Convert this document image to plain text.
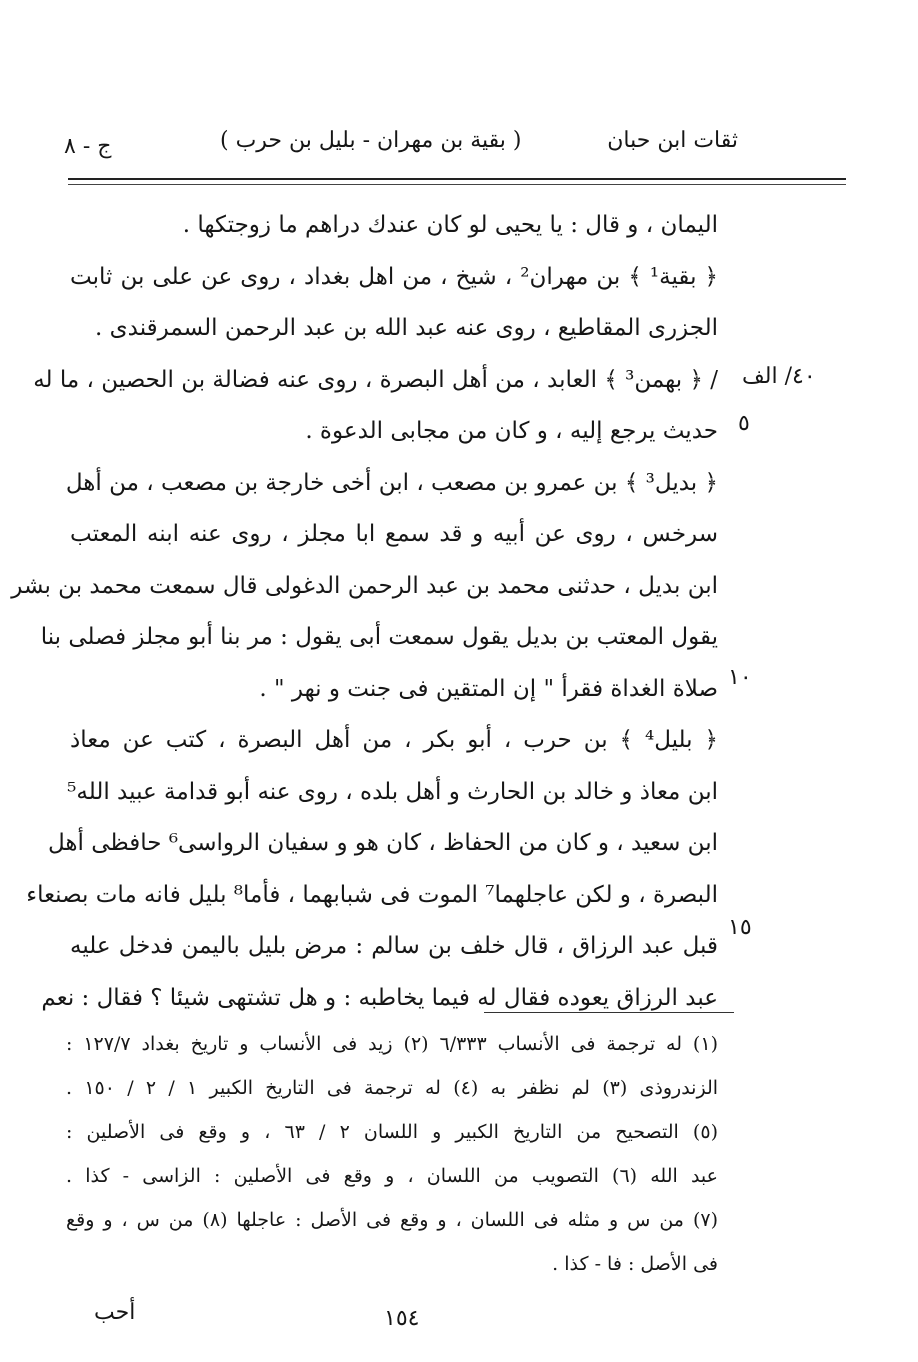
ثقات ابن حبان
( بقية بن مهران - بليل بن حرب )
ج - ٨
٤٠/ الف
٥
١٠
١٥
اليمان ، و قال : يا يحيى لو كان عندك دراهم ما زوجتكها .
﴿ بقية¹ ﴾ بن مهران² ، شيخ ، من اهل بغداد ، روى عن على بن ثابت
الجزرى المقاطيع ، روى عنه عبد الله بن عبد الرحمن السمرقندى .
/ ﴿ بهمن³ ﴾ العابد ، من أهل البصرة ، روى عنه فضالة بن الحصين ، ما له
حديث يرجع إليه ، و كان من مجابى الدعوة .
﴿ بديل³ ﴾ بن عمرو بن مصعب ، ابن أخى خارجة بن مصعب ، من أهل
سرخس ، روى عن أبيه و قد سمع ابا مجلز ، روى عنه ابنه المعتب
ابن بديل ، حدثنى محمد بن عبد الرحمن الدغولى قال سمعت محمد بن بشر
يقول المعتب بن بديل يقول سمعت أبى يقول : مر بنا أبو مجلز فصلى بنا
صلاة الغداة فقرأ " إن المتقين فى جنت و نهر " .
﴿ بليل⁴ ﴾ بن حرب ، أبو بكر ، من أهل البصرة ، كتب عن معاذ
ابن معاذ و خالد بن الحارث و أهل بلده ، روى عنه أبو قدامة عبيد الله⁵
ابن سعيد ، و كان من الحفاظ ، كان هو و سفيان الرواسى⁶ حافظى أهل
البصرة ، و لكن عاجلهما⁷ الموت فى شبابهما ، فأما⁸ بليل فانه مات بصنعاء
قبل عبد الرزاق ، قال خلف بن سالم : مرض بليل باليمن فدخل عليه
عبد الرزاق يعوده فقال له فيما يخاطبه : و هل تشتهى شيئا ؟ فقال : نعم
(١) له ترجمة فى الأنساب ٦/٣٣٣ (٢) زيد فى الأنساب و تاريخ بغداد ١٢٧/٧ :
الزندروذى (٣) لم نظفر به (٤) له ترجمة فى التاريخ الكبير ١ / ٢ / ١٥٠ .
(٥) التصحيح من التاريخ الكبير و اللسان ٢ / ٦٣ ، و وقع فى الأصلين :
عبد الله (٦) التصويب من اللسان ، و وقع فى الأصلين : الزاسى - كذا .
(٧) من س و مثله فى اللسان ، و وقع فى الأصل : عاجلها (٨) من س ، و وقع
فى الأصل : فا - كذا .
١٥٤
أحب
